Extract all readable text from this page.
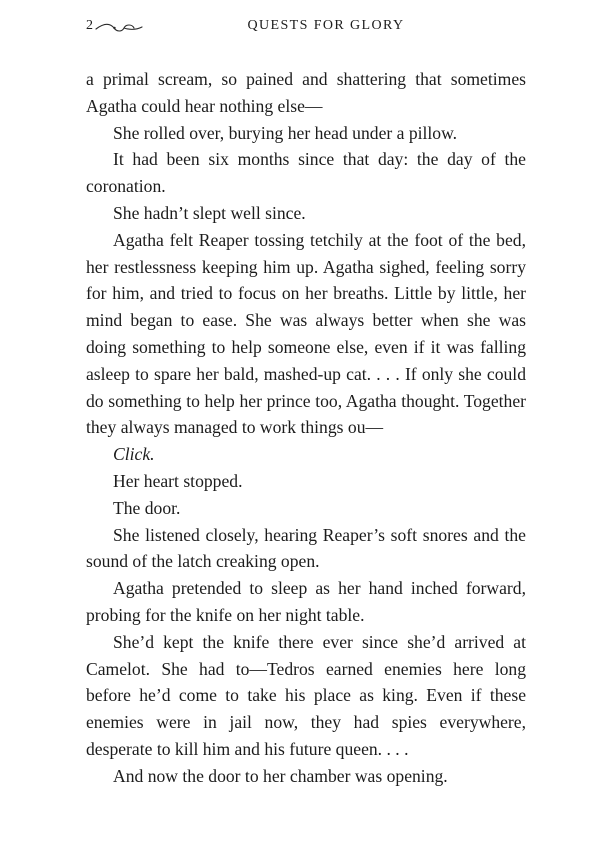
2	QUESTS FOR GLORY

a primal scream, so pained and shattering that sometimes Agatha could hear nothing else—

She rolled over, burying her head under a pillow.

It had been six months since that day: the day of the coronation.

She hadn’t slept well since.

Agatha felt Reaper tossing tetchily at the foot of the bed, her restlessness keeping him up. Agatha sighed, feeling sorry for him, and tried to focus on her breaths. Little by little, her mind began to ease. She was always better when she was doing something to help someone else, even if it was falling asleep to spare her bald, mashed-up cat. . . . If only she could do something to help her prince too, Agatha thought. Together they always managed to work things ou—

Click.

Her heart stopped.

The door.

She listened closely, hearing Reaper’s soft snores and the sound of the latch creaking open.

Agatha pretended to sleep as her hand inched forward, probing for the knife on her night table.

She’d kept the knife there ever since she’d arrived at Camelot. She had to—Tedros earned enemies here long before he’d come to take his place as king. Even if these enemies were in jail now, they had spies everywhere, desperate to kill him and his future queen. . . .

And now the door to her chamber was opening.
